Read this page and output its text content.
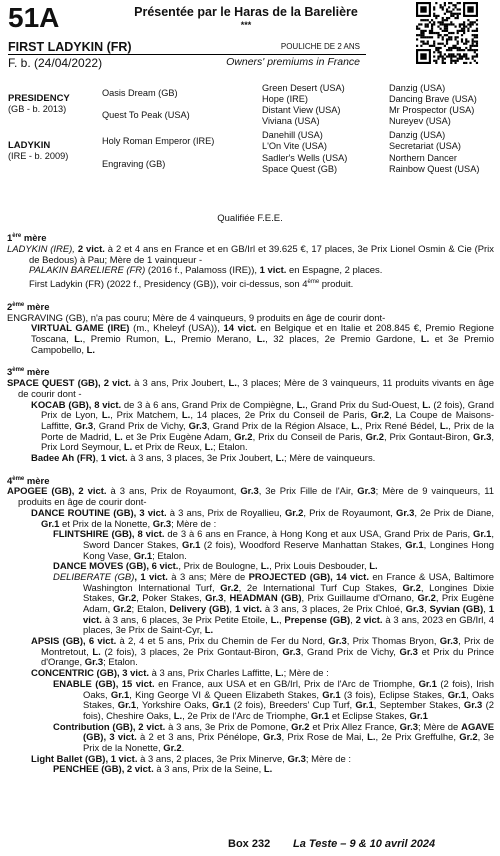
51A	Présentée par le Haras de la Barelière
***
FIRST LADYKIN (FR)
F. b. (24/04/2022)
POULICHE DE 2 ANS
Owners' premiums in France
PRESIDENCY
(GB - b. 2013)
LADYKIN
(IRE - b. 2009)
Oasis Dream (GB)
Quest To Peak (USA)
Holy Roman Emperor (IRE)
Engraving (GB)
Green Desert (USA)
Hope (IRE)
Distant View (USA)
Viviana (USA)
Danehill (USA)
L'On Vite (USA)
Sadler's Wells (USA)
Space Quest (GB)
Danzig (USA)
Dancing Brave (USA)
Mr Prospector (USA)
Nureyev (USA)
Danzig (USA)
Secretariat (USA)
Northern Dancer
Rainbow Quest (USA)
Qualifiée F.E.E.

1ère mère

LADYKIN (IRE), 2 vict. à 2 et 4 ans en France et en GB/Irl et 39.625 €, 17 places, 3e Prix Lionel Osmin & Cie (Prix de Bedous) à Pau; Mère de 1 vainqueur -

PALAKIN BARELIERE (FR) (2016 f., Palamoss (IRE)), 1 vict. en Espagne, 2 places.

First Ladykin (FR) (2022 f., Presidency (GB)), voir ci-dessus, son 4ème produit.

2ème mère

ENGRAVING (GB), n'a pas couru; Mère de 4 vainqueurs, 9 produits en âge de courir dont-

VIRTUAL GAME (IRE) (m., Kheleyf (USA)), 14 vict. en Belgique et en Italie et 208.845 €, Premio Regione Toscana, L., Premio Rumon, L., Premio Merano, L., 32 places, 2e Premio Gardone, L. et 3e Premio Campobello, L.

3ème mère

SPACE QUEST (GB), 2 vict. à 3 ans, Prix Joubert, L., 3 places; Mère de 3 vainqueurs, 11 produits vivants en âge de courir dont -

KOCAB (GB), 8 vict. de 3 à 6 ans, Grand Prix de Compiègne, L., Grand Prix du Sud-Ouest, L. (2 fois), Grand Prix de Lyon, L., Prix Matchem, L., 14 places, 2e Prix du Conseil de Paris, Gr.2, La Coupe de Maisons-Laffitte, Gr.3, Grand Prix de Vichy, Gr.3, Grand Prix de la Région Alsace, L., Prix René Bédel, L., Prix de la Porte de Madrid, L. et 3e Prix Eugène Adam, Gr.2, Prix du Conseil de Paris, Gr.2, Prix Gontaut-Biron, Gr.3, Prix Lord Seymour, L. et Prix de Reux, L.; Etalon.

Badee Ah (FR), 1 vict. à 3 ans, 3 places, 3e Prix Joubert, L.; Mère de vainqueurs.

4ème mère

APOGEE (GB), 2 vict. à 3 ans, Prix de Royaumont, Gr.3, 3e Prix Fille de l'Air, Gr.3; Mère de 9 vainqueurs, 11 produits en âge de courir dont-

DANCE ROUTINE (GB), 3 vict. à 3 ans, Prix de Royallieu, Gr.2, Prix de Royaumont, Gr.3, 2e Prix de Diane, Gr.1 et Prix de la Nonette, Gr.3; Mère de :

FLINTSHIRE (GB), 8 vict. de 3 à 6 ans en France, à Hong Kong et aux USA, Grand Prix de Paris, Gr.1, Sword Dancer Stakes, Gr.1 (2 fois), Woodford Reserve Manhattan Stakes, Gr.1, Longines Hong Kong Vase, Gr.1; Etalon.

DANCE MOVES (GB), 6 vict., Prix de Boulogne, L., Prix Louis Desbouder, L.

DELIBERATE (GB), 1 vict. à 3 ans; Mère de PROJECTED (GB), 14 vict. en France & USA, Baltimore Washington International Turf, Gr.2, 2e International Turf Cup Stakes, Gr.2, Longines Dixie Stakes, Gr.2, Poker Stakes, Gr.3, HEADMAN (GB), Prix Guillaume d'Ornano, Gr.2, Prix Eugène Adam, Gr.2; Etalon, Delivery (GB), 1 vict. à 3 ans, 3 places, 2e Prix Chloé, Gr.3, Syvian (GB), 1 vict. à 3 ans, 6 places, 3e Prix Petite Etoile, L., Prepense (GB), 2 vict. à 3 ans, 2023 en GB/Irl, 4 places, 3e Prix de Saint-Cyr, L.

APSIS (GB), 6 vict. à 2, 4 et 5 ans, Prix du Chemin de Fer du Nord, Gr.3, Prix Thomas Bryon, Gr.3, Prix de Montretout, L. (2 fois), 3 places, 2e Prix Gontaut-Biron, Gr.3, Grand Prix de Vichy, Gr.3 et Prix du Prince d'Orange, Gr.3; Etalon.

CONCENTRIC (GB), 3 vict. à 3 ans, Prix Charles Laffitte, L.; Mère de :

ENABLE (GB), 15 vict. en France, aux USA et en GB/Irl, Prix de l'Arc de Triomphe, Gr.1 (2 fois), Irish Oaks, Gr.1, King George VI & Queen Elizabeth Stakes, Gr.1 (3 fois), Eclipse Stakes, Gr.1, Oaks Stakes, Gr.1, Yorkshire Oaks, Gr.1 (2 fois), Breeders' Cup Turf, Gr.1, September Stakes, Gr.3 (2 fois), Cheshire Oaks, L., 2e Prix de l'Arc de Triomphe, Gr.1 et Eclipse Stakes, Gr.1

Contribution (GB), 2 vict. à 3 ans, 3e Prix de Pomone, Gr.2 et Prix Allez France, Gr.3; Mère de AGAVE (GB), 3 vict. à 2 et 3 ans, Prix Pénélope, Gr.3, Prix Rose de Mai, L., 2e Prix Greffulhe, Gr.2, 3e Prix de la Nonette, Gr.2.

Light Ballet (GB), 1 vict. à 3 ans, 2 places, 3e Prix Minerve, Gr.3; Mère de :

PENCHEE (GB), 2 vict. à 3 ans, Prix de la Seine, L.

Box 232	La Teste – 9 & 10 avril 2024
